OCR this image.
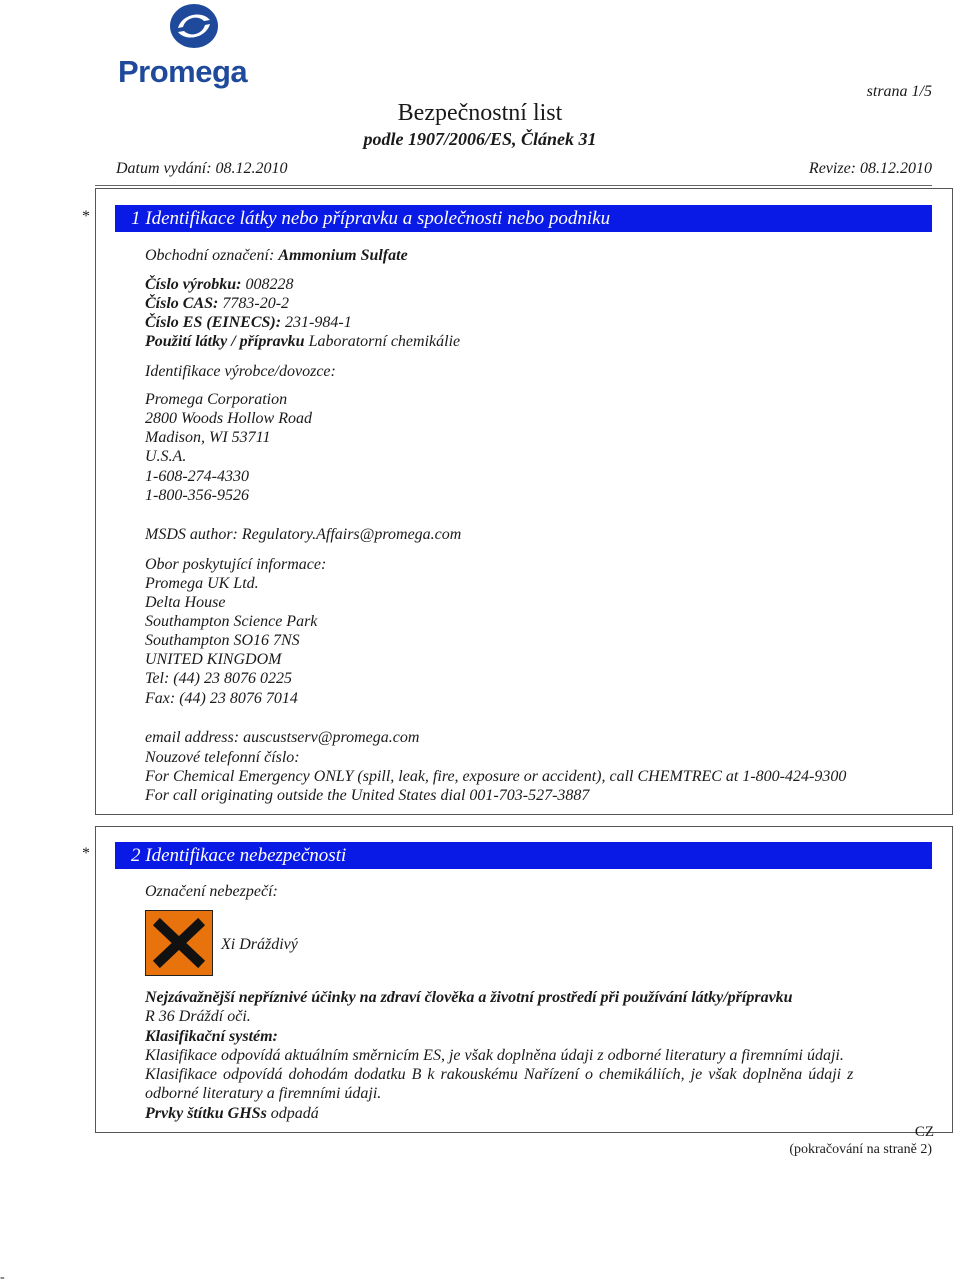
Promega
strana 1/5
Bezpečnostní list
podle 1907/2006/ES, Článek 31
Datum vydání: 08.12.2010	Revize: 08.12.2010
*	1 Identifikace látky nebo přípravku a společnosti nebo podniku
Obchodní označení: Ammonium Sulfate
Číslo výrobku: 008228
Číslo CAS: 7783-20-2
Číslo ES (EINECS): 231-984-1
Použití látky / přípravku Laboratorní chemikálie
Identifikace výrobce/dovozce:
Promega Corporation
2800 Woods Hollow Road
Madison, WI 53711
U.S.A.
1-608-274-4330
1-800-356-9526
MSDS author: Regulatory.Affairs@promega.com
Obor poskytující informace:
Promega UK Ltd.
Delta House
Southampton Science Park
Southampton SO16 7NS
UNITED KINGDOM
Tel: (44) 23 8076 0225
Fax: (44) 23 8076 7014
email address: auscustserv@promega.com
Nouzové telefonní číslo:
For Chemical Emergency ONLY (spill, leak, fire, exposure or accident), call CHEMTREC at 1-800-424-9300
For call originating outside the United States dial 001-703-527-3887
*	2 Identifikace nebezpečnosti
Označení nebezpečí:
Xi Dráždivý
Nejzávažnější nepříznivé účinky na zdraví člověka a životní prostředí při používání látky/přípravku
R 36 Dráždí oči.
Klasifikační systém:
Klasifikace odpovídá aktuálním směrnicím ES, je však doplněna údaji z odborné literatury a firemními údaji.
Klasifikace odpovídá dohodám dodatku B k rakouskému Nařízení o chemikáliích, je však doplněna údaji z
odborné literatury a firemními údaji.
Prvky štítku GHSs odpadá
CZ
(pokračování na straně 2)
-
